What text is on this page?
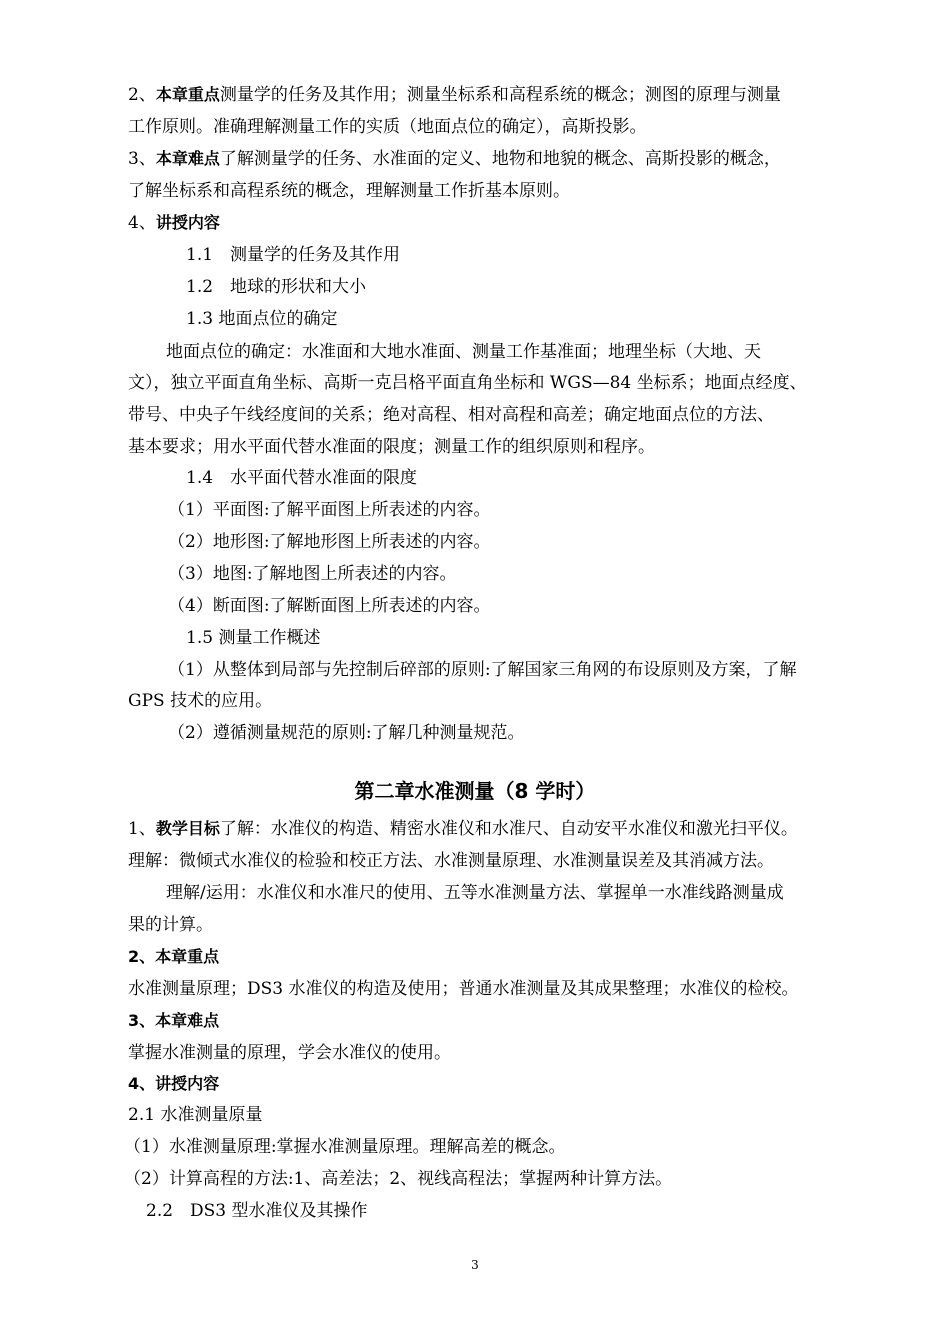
2、本章重点测量学的任务及其作用；测量坐标系和高程系统的概念；测图的原理与测量
工作原则。准确理解测量工作的实质（地面点位的确定），高斯投影。
3、本章难点了解测量学的任务、水准面的定义、地物和地貌的概念、高斯投影的概念，
了解坐标系和高程系统的概念，理解测量工作折基本原则。
4、讲授内容
1.1　测量学的任务及其作用
1.2　地球的形状和大小
1.3 地面点位的确定
地面点位的确定：水准面和大地水准面、测量工作基准面；地理坐标（大地、天
文），独立平面直角坐标、高斯一克吕格平面直角坐标和 WGS—84 坐标系；地面点经度、
带号、中央子午线经度间的关系；绝对高程、相对高程和高差；确定地面点位的方法、
基本要求；用水平面代替水准面的限度；测量工作的组织原则和程序。
1.4　水平面代替水准面的限度
（1）平面图:了解平面图上所表述的内容。
（2）地形图:了解地形图上所表述的内容。
（3）地图:了解地图上所表述的内容。
（4）断面图:了解断面图上所表述的内容。
1.5 测量工作概述
（1）从整体到局部与先控制后碎部的原则:了解国家三角网的布设原则及方案，了解
GPS 技术的应用。
（2）遵循测量规范的原则:了解几种测量规范。
第二章水准测量（8 学时）
1、教学目标了解：水准仪的构造、精密水准仪和水准尺、自动安平水准仪和激光扫平仪。
理解：微倾式水准仪的检验和校正方法、水准测量原理、水准测量误差及其消减方法。
理解/运用：水准仪和水准尺的使用、五等水准测量方法、掌握单一水准线路测量成
果的计算。
2、本章重点
水准测量原理；DS3 水准仪的构造及使用；普通水准测量及其成果整理；水准仪的检校。
3、本章难点
掌握水准测量的原理，学会水准仪的使用。
4、讲授内容
2.1 水准测量原量
（1）水准测量原理:掌握水准测量原理。理解高差的概念。
（2）计算高程的方法:1、高差法；2、视线高程法；掌握两种计算方法。
2.2　DS3 型水准仪及其操作
3
